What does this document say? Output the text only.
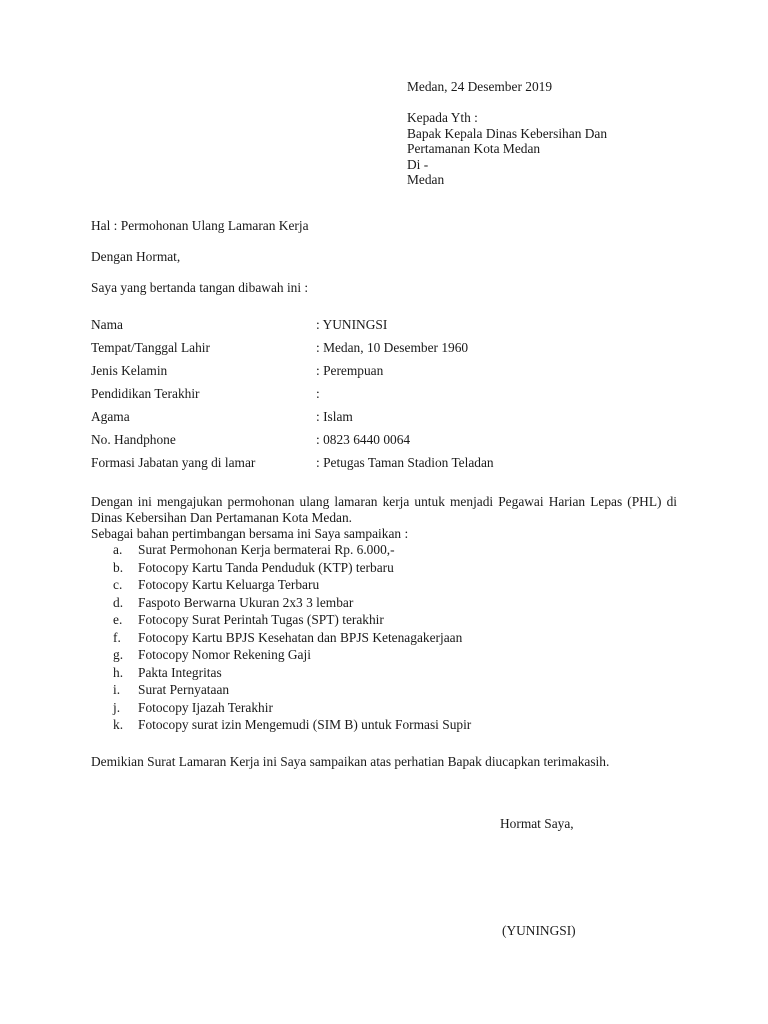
Medan, 24 Desember 2019
Kepada Yth :
Bapak Kepala Dinas Kebersihan Dan
Pertamanan Kota Medan
Di -
Medan
Hal : Permohonan Ulang Lamaran Kerja
Dengan Hormat,
Saya yang bertanda tangan dibawah ini :
Nama	: YUNINGSI
Tempat/Tanggal Lahir	: Medan, 10 Desember 1960
Jenis Kelamin	: Perempuan
Pendidikan Terakhir	:
Agama	: Islam
No. Handphone	: 0823 6440 0064
Formasi Jabatan yang di lamar	: Petugas Taman Stadion Teladan
Dengan ini mengajukan permohonan ulang lamaran kerja untuk menjadi Pegawai Harian Lepas (PHL) di Dinas Kebersihan Dan Pertamanan Kota Medan.
Sebagai bahan pertimbangan bersama ini Saya sampaikan :
a. Surat Permohonan Kerja bermaterai Rp. 6.000,-
b. Fotocopy Kartu Tanda Penduduk (KTP) terbaru
c. Fotocopy Kartu Keluarga Terbaru
d. Faspoto Berwarna Ukuran 2x3 3 lembar
e. Fotocopy Surat Perintah Tugas (SPT) terakhir
f. Fotocopy Kartu BPJS Kesehatan dan BPJS Ketenagakerjaan
g. Fotocopy Nomor Rekening Gaji
h. Pakta Integritas
i. Surat Pernyataan
j. Fotocopy Ijazah Terakhir
k. Fotocopy surat izin Mengemudi (SIM B) untuk Formasi Supir
Demikian Surat Lamaran Kerja ini Saya sampaikan atas perhatian Bapak diucapkan terimakasih.
Hormat Saya,
(YUNINGSI)
